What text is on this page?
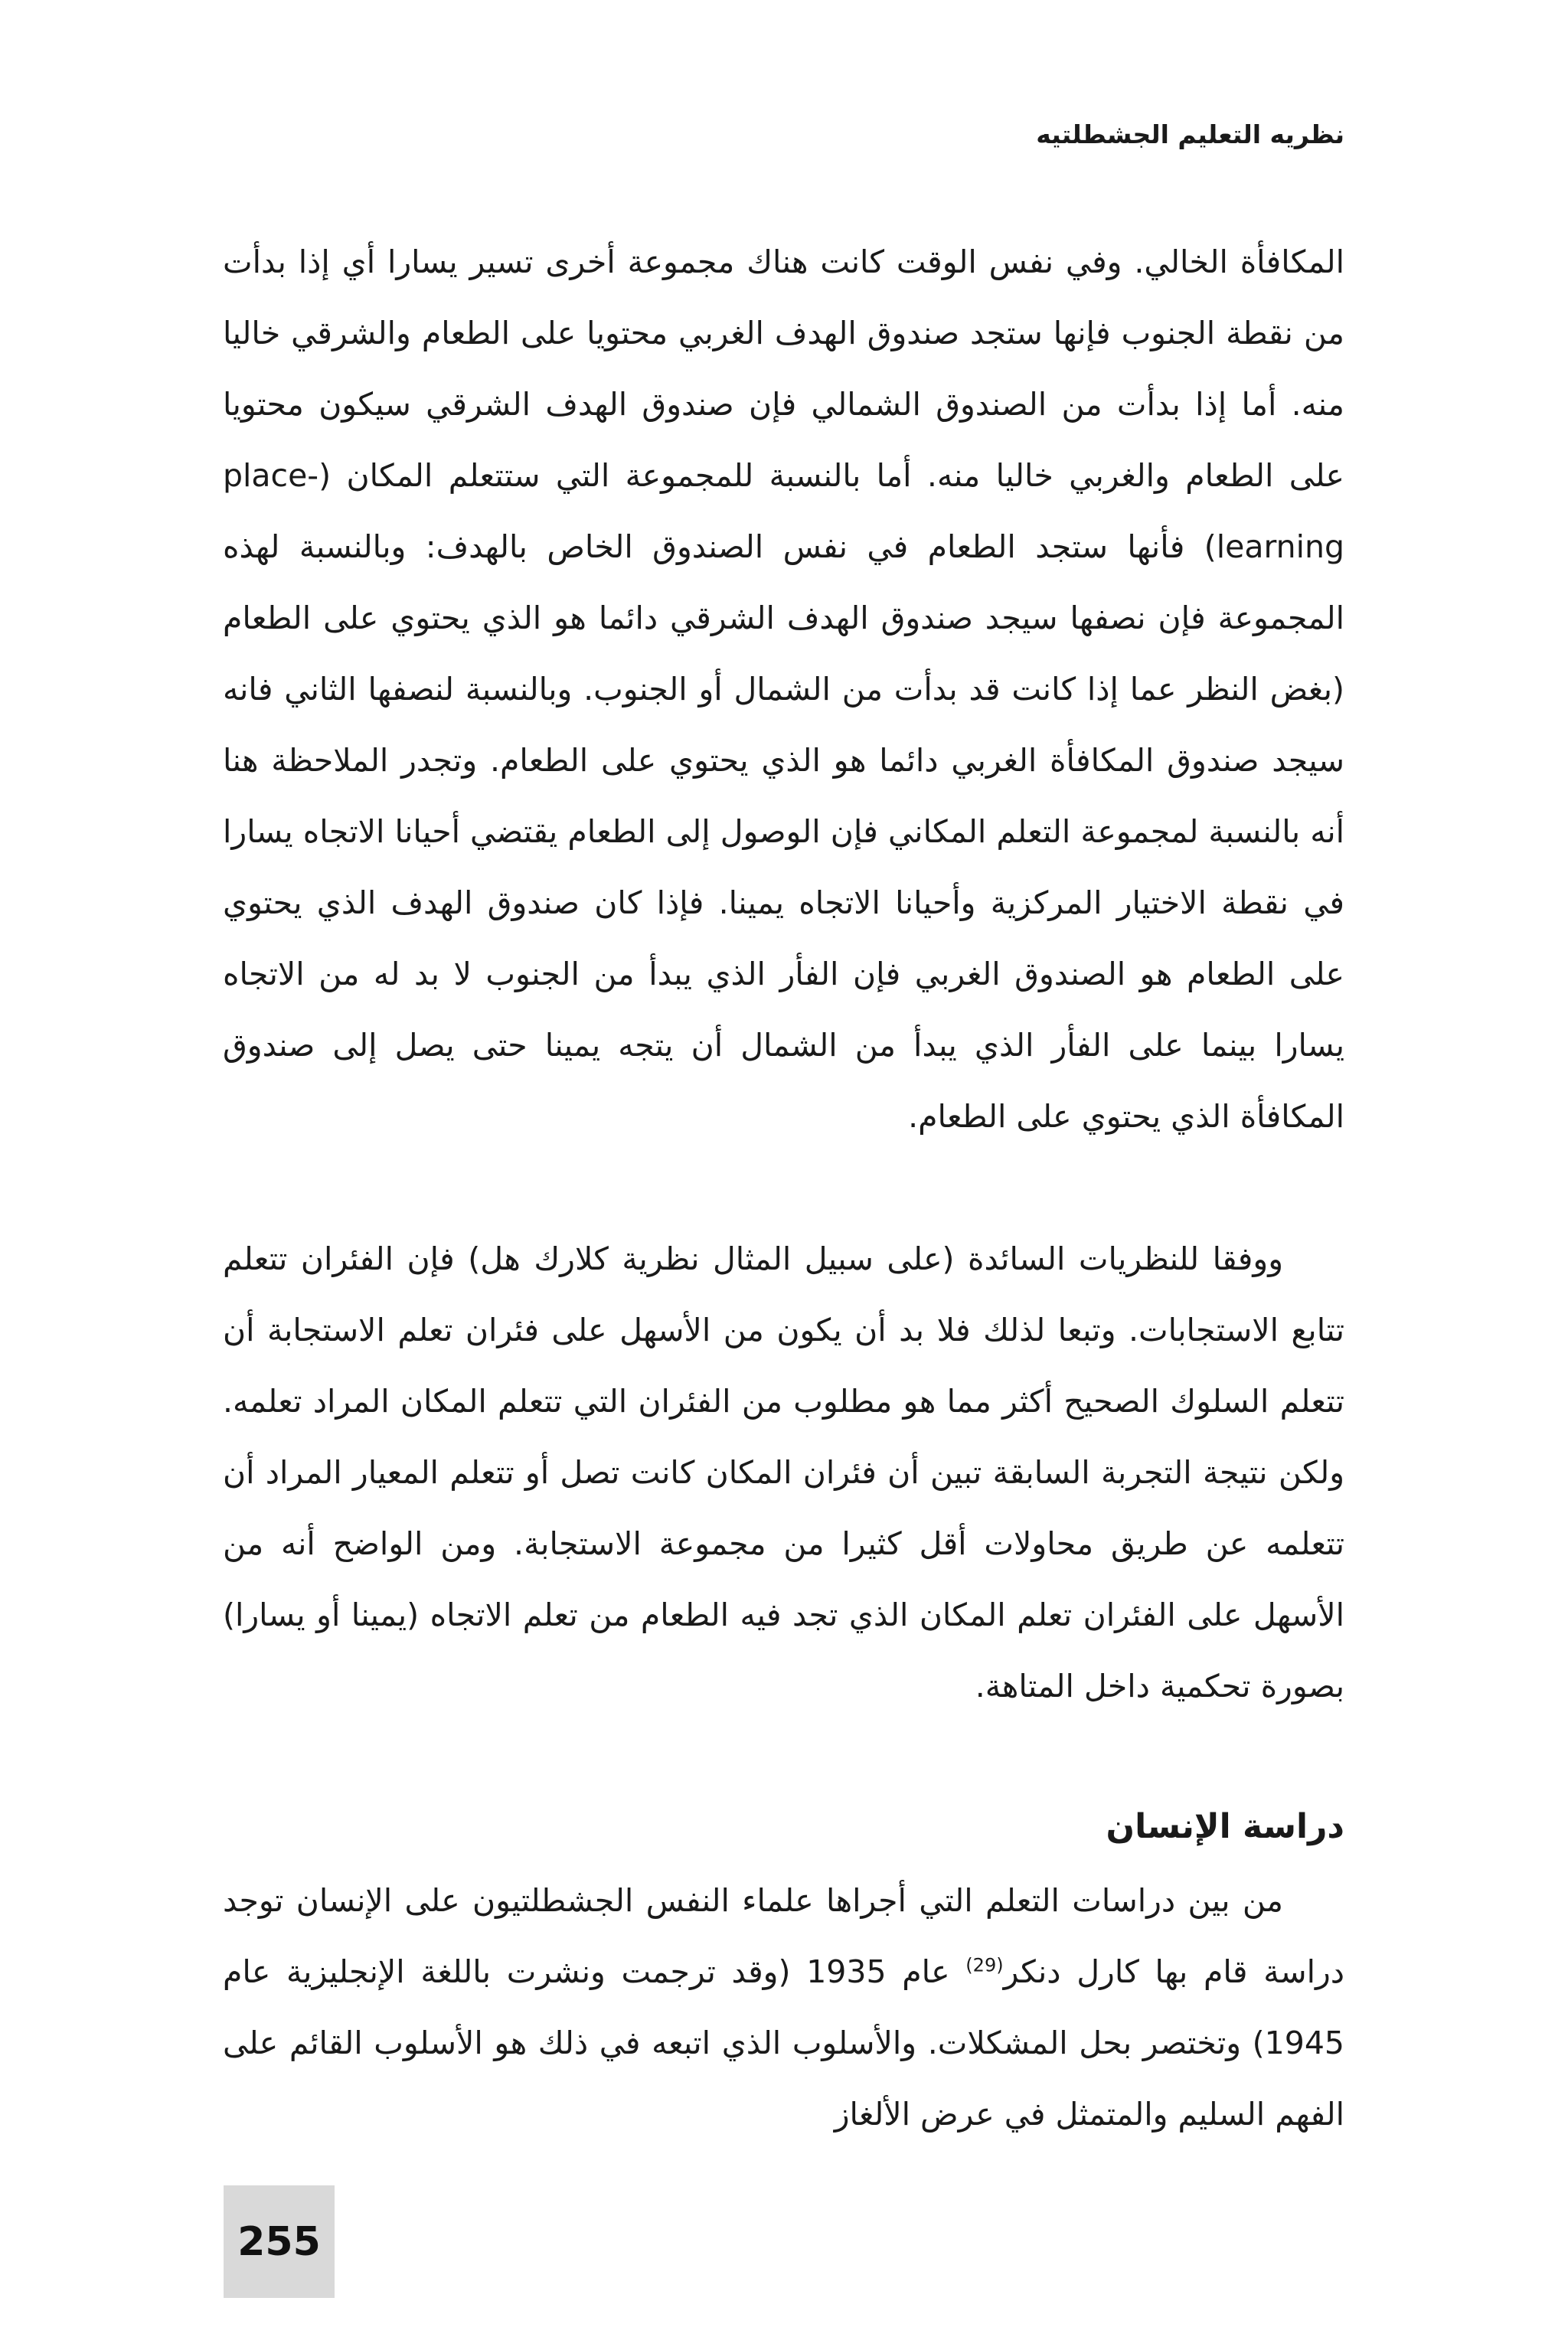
نظريه التعليم الجشطلتيه

المكافأة الخالي. وفي نفس الوقت كانت هناك مجموعة أخرى تسير يسارا أي إذا بدأت من نقطة الجنوب فإنها ستجد صندوق الهدف الغربي محتويا على الطعام والشرقي خاليا منه. أما إذا بدأت من الصندوق الشمالي فإن صندوق الهدف الشرقي سيكون محتويا على الطعام والغربي خاليا منه. أما بالنسبة للمجموعة التي ستتعلم المكان (place-learning) فأنها ستجد الطعام في نفس الصندوق الخاص بالهدف: وبالنسبة لهذه المجموعة فإن نصفها سيجد صندوق الهدف الشرقي دائما هو الذي يحتوي على الطعام (بغض النظر عما إذا كانت قد بدأت من الشمال أو الجنوب. وبالنسبة لنصفها الثاني فانه سيجد صندوق المكافأة الغربي دائما هو الذي يحتوي على الطعام. وتجدر الملاحظة هنا أنه بالنسبة لمجموعة التعلم المكاني فإن الوصول إلى الطعام يقتضي أحيانا الاتجاه يسارا في نقطة الاختيار المركزية وأحيانا الاتجاه يمينا. فإذا كان صندوق الهدف الذي يحتوي على الطعام هو الصندوق الغربي فإن الفأر الذي يبدأ من الجنوب لا بد له من الاتجاه يسارا بينما على الفأر الذي يبدأ من الشمال أن يتجه يمينا حتى يصل إلى صندوق المكافأة الذي يحتوي على الطعام.

ووفقا للنظريات السائدة (على سبيل المثال نظرية كلارك هل) فإن الفئران تتعلم تتابع الاستجابات. وتبعا لذلك فلا بد أن يكون من الأسهل على فئران تعلم الاستجابة أن تتعلم السلوك الصحيح أكثر مما هو مطلوب من الفئران التي تتعلم المكان المراد تعلمه. ولكن نتيجة التجربة السابقة تبين أن فئران المكان كانت تصل أو تتعلم المعيار المراد أن تتعلمه عن طريق محاولات أقل كثيرا من مجموعة الاستجابة. ومن الواضح أنه من الأسهل على الفئران تعلم المكان الذي تجد فيه الطعام من تعلم الاتجاه (يمينا أو يسارا) بصورة تحكمية داخل المتاهة.

دراسة الإنسان

من بين دراسات التعلم التي أجراها علماء النفس الجشطلتيون على الإنسان توجد دراسة قام بها كارل دنكر$^{(29)}$ عام 1935 (وقد ترجمت ونشرت باللغة الإنجليزية عام 1945) وتختصر بحل المشكلات. والأسلوب الذي اتبعه في ذلك هو الأسلوب القائم على الفهم السليم والمتمثل في عرض الألغاز

255
